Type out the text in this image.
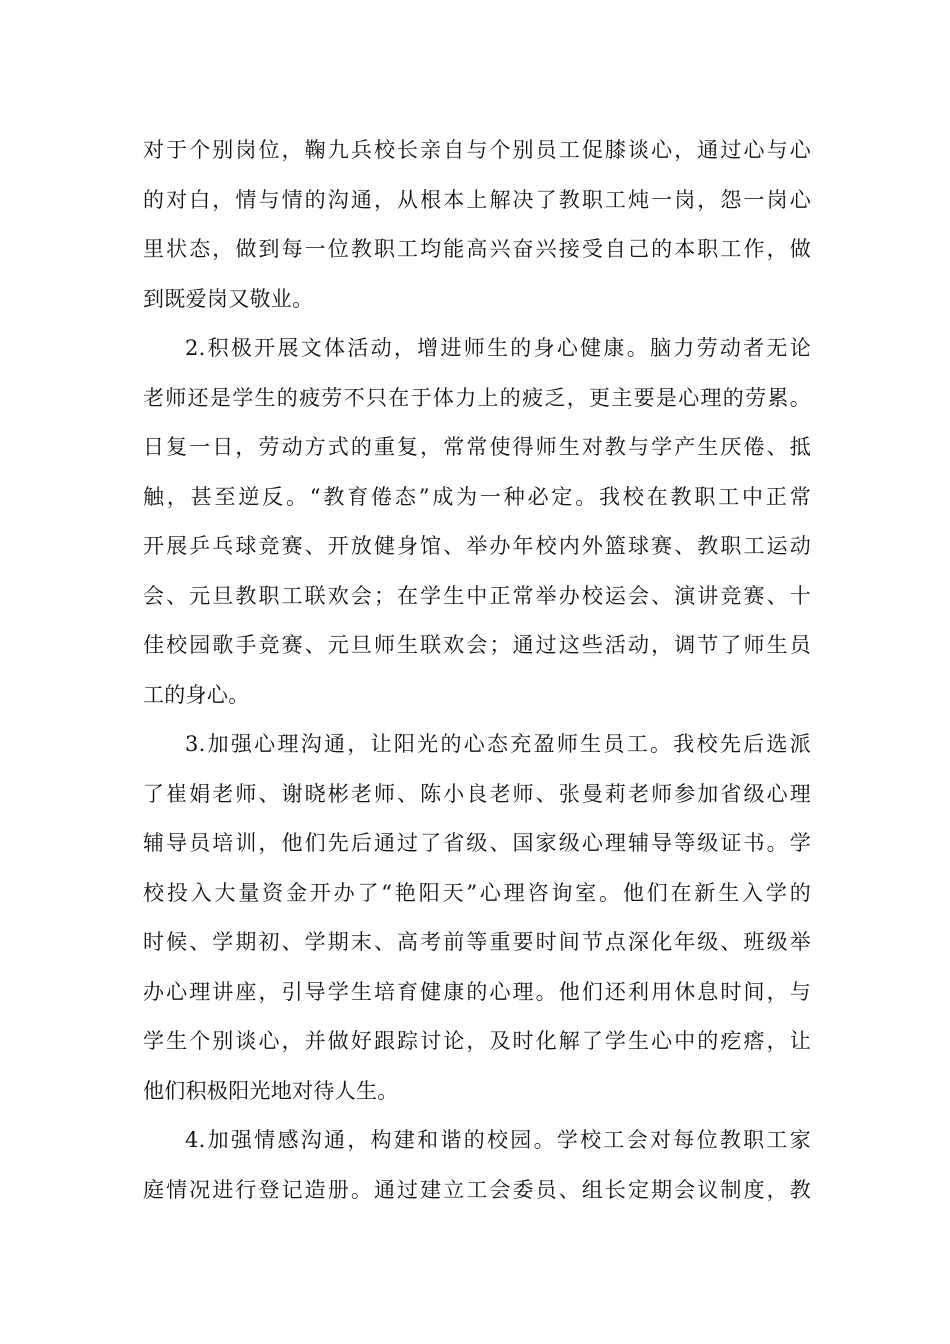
对于个别岗位，鞠九兵校长亲自与个别员工促膝谈心，通过心与心
的对白，情与情的沟通，从根本上解决了教职工炖一岗，怨一岗心
里状态，做到每一位教职工均能高兴奋兴接受自己的本职工作，做
到既爱岗又敬业。
2.积极开展文体活动，增进师生的身心健康。脑力劳动者无论
老师还是学生的疲劳不只在于体力上的疲乏，更主要是心理的劳累。
日复一日，劳动方式的重复，常常使得师生对教与学产生厌倦、抵
触，甚至逆反。“教育倦态”成为一种必定。我校在教职工中正常
开展乒乓球竞赛、开放健身馆、举办年校内外篮球赛、教职工运动
会、元旦教职工联欢会；在学生中正常举办校运会、演讲竞赛、十
佳校园歌手竞赛、元旦师生联欢会；通过这些活动，调节了师生员
工的身心。
3.加强心理沟通，让阳光的心态充盈师生员工。我校先后选派
了崔娟老师、谢晓彬老师、陈小良老师、张曼莉老师参加省级心理
辅导员培训，他们先后通过了省级、国家级心理辅导等级证书。学
校投入大量资金开办了“艳阳天”心理咨询室。他们在新生入学的
时候、学期初、学期末、高考前等重要时间节点深化年级、班级举
办心理讲座，引导学生培育健康的心理。他们还利用休息时间，与
学生个别谈心，并做好跟踪讨论，及时化解了学生心中的疙瘩，让
他们积极阳光地对待人生。
4.加强情感沟通，构建和谐的校园。学校工会对每位教职工家
庭情况进行登记造册。通过建立工会委员、组长定期会议制度，教
